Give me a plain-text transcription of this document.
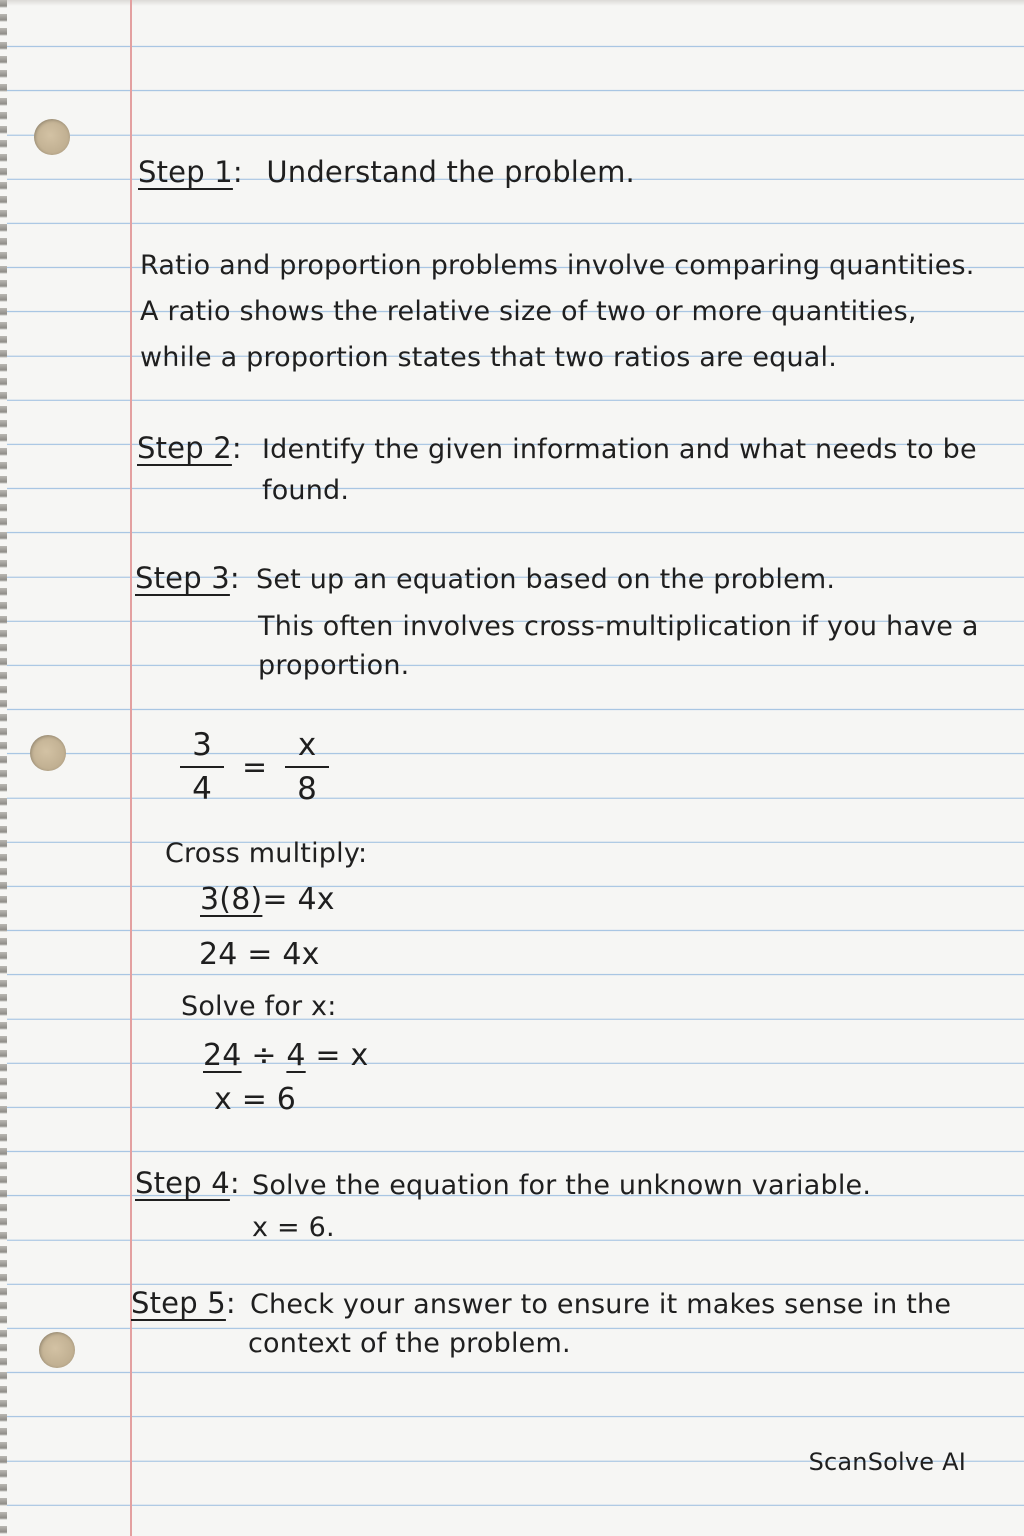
Step 1: Understand the problem.
Ratio and proportion problems involve comparing quantities.
A ratio shows the relative size of two or more quantities,
while a proportion states that two ratios are equal.
Step 2: Identify the given information and what needs to be
found.
Step 3: Set up an equation based on the problem.
This often involves cross-multiplication if you have a
proportion.
3
4
=
x
8
Cross multiply:
3(8)= 4x
24 = 4x
Solve for x:
24 ÷ 4 = x
x = 6
Step 4: Solve the equation for the unknown variable.
x = 6.
Step 5: Check your answer to ensure it makes sense in the
context of the problem.
ScanSolve AI
